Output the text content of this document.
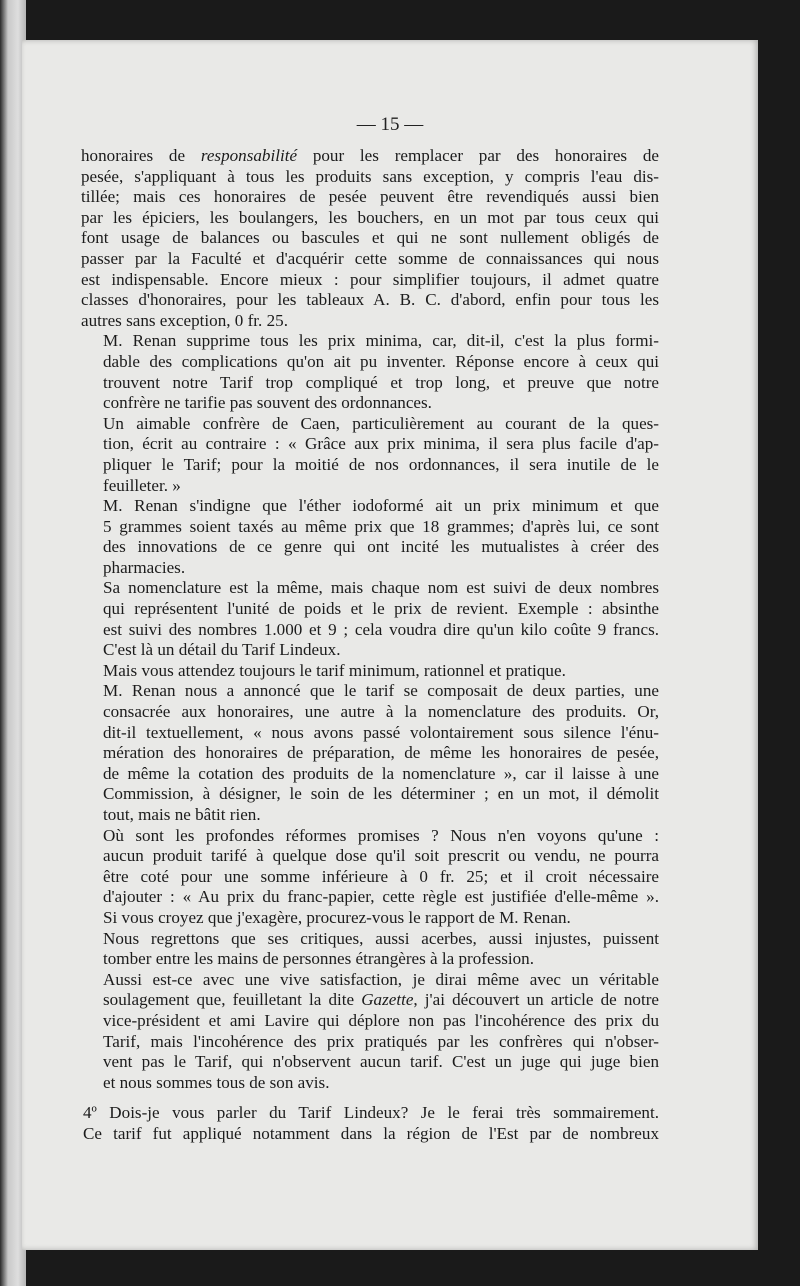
— 15 —

honoraires de responsabilité pour les remplacer par des honoraires de
pesée, s'appliquant à tous les produits sans exception, y compris l'eau dis-
tillée; mais ces honoraires de pesée peuvent être revendiqués aussi bien
par les épiciers, les boulangers, les bouchers, en un mot par tous ceux qui
font usage de balances ou bascules et qui ne sont nullement obligés de
passer par la Faculté et d'acquérir cette somme de connaissances qui nous
est indispensable. Encore mieux : pour simplifier toujours, il admet quatre
classes d'honoraires, pour les tableaux A. B. C. d'abord, enfin pour tous les
autres sans exception, 0 fr. 25.

M. Renan supprime tous les prix minima, car, dit-il, c'est la plus formi-
dable des complications qu'on ait pu inventer. Réponse encore à ceux qui
trouvent notre Tarif trop compliqué et trop long, et preuve que notre
confrère ne tarifie pas souvent des ordonnances.

Un aimable confrère de Caen, particulièrement au courant de la ques-
tion, écrit au contraire : « Grâce aux prix minima, il sera plus facile d'ap-
pliquer le Tarif; pour la moitié de nos ordonnances, il sera inutile de le
feuilleter. »

M. Renan s'indigne que l'éther iodoformé ait un prix minimum et que
5 grammes soient taxés au même prix que 18 grammes; d'après lui, ce sont
des innovations de ce genre qui ont incité les mutualistes à créer des
pharmacies.

Sa nomenclature est la même, mais chaque nom est suivi de deux nombres
qui représentent l'unité de poids et le prix de revient. Exemple : absinthe
est suivi des nombres 1.000 et 9 ; cela voudra dire qu'un kilo coûte 9 francs.
C'est là un détail du Tarif Lindeux.

Mais vous attendez toujours le tarif minimum, rationnel et pratique.

M. Renan nous a annoncé que le tarif se composait de deux parties, une
consacrée aux honoraires, une autre à la nomenclature des produits. Or,
dit-il textuellement, « nous avons passé volontairement sous silence l'énu-
mération des honoraires de préparation, de même les honoraires de pesée,
de même la cotation des produits de la nomenclature », car il laisse à une
Commission, à désigner, le soin de les déterminer ; en un mot, il démolit
tout, mais ne bâtit rien.

Où sont les profondes réformes promises ? Nous n'en voyons qu'une :
aucun produit tarifé à quelque dose qu'il soit prescrit ou vendu, ne pourra
être coté pour une somme inférieure à 0 fr. 25; et il croit nécessaire
d'ajouter : « Au prix du franc-papier, cette règle est justifiée d'elle-même ».
Si vous croyez que j'exagère, procurez-vous le rapport de M. Renan.

Nous regrettons que ses critiques, aussi acerbes, aussi injustes, puissent
tomber entre les mains de personnes étrangères à la profession.

Aussi est-ce avec une vive satisfaction, je dirai même avec un véritable
soulagement que, feuilletant la dite Gazette, j'ai découvert un article de notre
vice-président et ami Lavire qui déplore non pas l'incohérence des prix du
Tarif, mais l'incohérence des prix pratiqués par les confrères qui n'obser-
vent pas le Tarif, qui n'observent aucun tarif. C'est un juge qui juge bien
et nous sommes tous de son avis.

4º Dois-je vous parler du Tarif Lindeux? Je le ferai très sommairement.
Ce tarif fut appliqué notamment dans la région de l'Est par de nombreux
